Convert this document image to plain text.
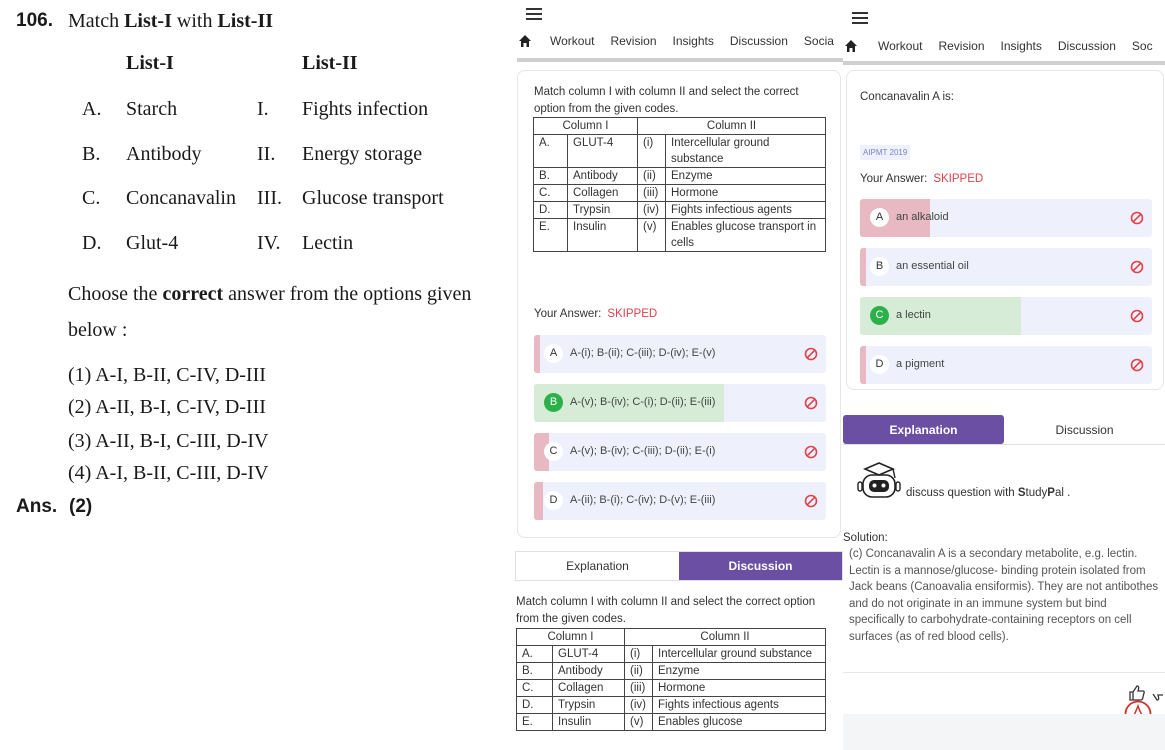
106. Match List-I with List-II
List-I	List-II
A. Starch	I. Fights infection
B. Antibody	II. Energy storage
C. Concanavalin III. Glucose transport
D. Glut-4	IV. Lectin
Choose the correct answer from the options given
below :
(1) A-I, B-II, C-IV, D-III
(2) A-II, B-I, C-IV, D-III
(3) A-II, B-I, C-III, D-IV
(4) A-I, B-II, C-III, D-IV
Ans. (2)
Workout Revision Insights Discussion Socia
Match column I with column II and select the correct option from the given codes.
Column I		Column II	
A.	GLUT-4	(i)	Intercellular ground substance
B.	Antibody	(ii)	Enzyme
C.	Collagen	(iii)	Hormone
D.	Trypsin	(iv)	Fights infectious agents
E.	Insulin	(v)	Enables glucose transport in cells
Your Answer: SKIPPED
A	A-(i); B-(ii); C-(iii); D-(iv); E-(v)
B	A-(v); B-(iv); C-(i); D-(ii); E-(iii)
C	A-(v); B-(iv); C-(iii); D-(ii); E-(i)
D	A-(ii); B-(i); C-(iv); D-(v); E-(iii)
Explanation	Discussion
Match column I with column II and select the correct option from the given codes.
Column I		Column II	
A.	GLUT-4	(i)	Intercellular ground substance
B.	Antibody	(ii)	Enzyme
C.	Collagen	(iii)	Hormone
D.	Trypsin	(iv)	Fights infectious agents
E.	Insulin	(v)	Enables glucose
Workout Revision Insights Discussion Soc
Concanavalin A is:
AIPMT 2019
Your Answer: SKIPPED
A	an alkaloid
B	an essential oil
C	a lectin
D	a pigment
Explanation	Discussion
discuss question with StudyPal .
Solution:
(c) Concanavalin A is a secondary metabolite, e.g. lectin. Lectin is a mannose/glucose- binding protein isolated from Jack beans (Canoavalia ensiformis). They are not antibothes and do not originate in an immune system but bind specifically to carbohydrate-containing receptors on cell surfaces (as of red blood cells).
